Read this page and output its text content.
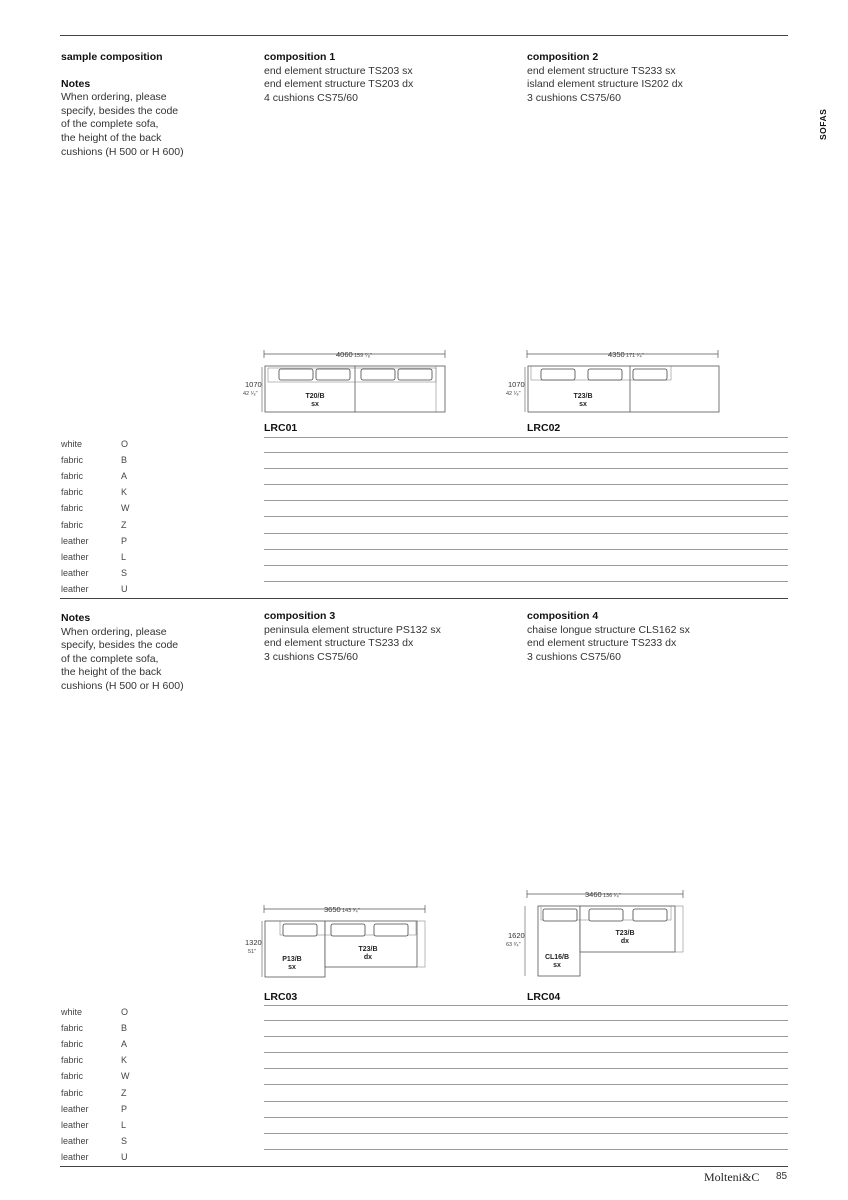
SOFAS
sample composition
Notes
When ordering, please
specify, besides the code
of the complete sofa,
the height of the back
cushions (H 500 or H 600)
composition 1
end element structure TS203 sx
end element structure TS203 dx
4 cushions CS75/60
composition 2
end element structure TS233 sx
island element structure IS202 dx
3 cushions CS75/60
4060 159 ⁷⁄₈"
1070
42 ¹⁄₈"	T20/B
sx
4350 171 ¹⁄₄"
1070
42 ¹⁄₈"	T23/B
sx
LRC01	LRC02
white	O
fabric	B
fabric	A
fabric	K
fabric	W
fabric	Z
leather	P
leather	L
leather	S
leather	U
Notes
When ordering, please
specify, besides the code
of the complete sofa,
the height of the back
cushions (H 500 or H 600)
composition 3
peninsula element structure PS132 sx
end element structure TS233 dx
3 cushions CS75/60
composition 4
chaise longue structure CLS162 sx
end element structure TS233 dx
3 cushions CS75/60
3650 143 ³⁄₄"
1320
51"
P13/B
sx
T23/B
dx
3460 136 ¹⁄₄"
1620
63 ³⁄₄"
T23/B
dx
CL16/B
sx
LRC03	LRC04
white	O
fabric	B
fabric	A
fabric	K
fabric	W
fabric	Z
leather	P
leather	L
leather	S
leather	U
Molteni&C 85
